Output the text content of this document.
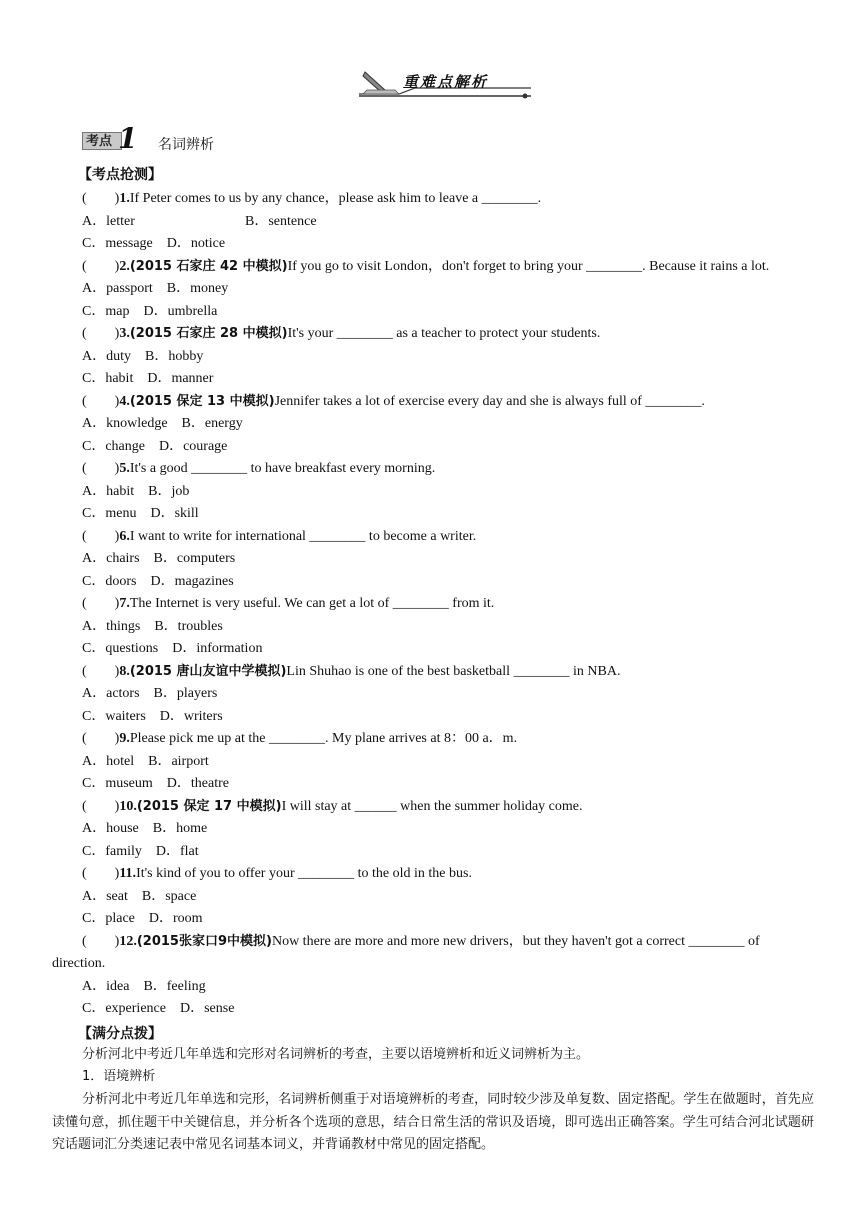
重难点解析
考点 1 名词辨析
【考点抢测】
(　　)1.If Peter comes to us by any chance，please ask him to leave a ________.
A．letter	B．sentence
C．message D．notice
(　　)2.(2015 石家庄 42 中模拟)If you go to visit London，don't forget to bring your ________. Because it rains a lot.
A．passport B．money
C．map D．umbrella
(　　)3.(2015 石家庄 28 中模拟)It's your ________ as a teacher to protect your students.
A．duty B．hobby
C．habit D．manner
(　　)4.(2015 保定 13 中模拟)Jennifer takes a lot of exercise every day and she is always full of ________.
A．knowledge B．energy
C．change D．courage
(　　)5.It's a good ________ to have breakfast every morning.
A．habit B．job
C．menu D．skill
(　　)6.I want to write for international ________ to become a writer.
A．chairs B．computers
C．doors D．magazines
(　　)7.The Internet is very useful. We can get a lot of ________ from it.
A．things B．troubles
C．questions D．information
(　　)8.(2015 唐山友谊中学模拟)Lin Shuhao is one of the best basketball ________ in NBA.
A．actors B．players
C．waiters D．writers
(　　)9.Please pick me up at the ________. My plane arrives at 8：00 a．m.
A．hotel B．airport
C．museum D．theatre
(　　)10.(2015 保定 17 中模拟)I will stay at ______ when the summer holiday come.
A．house B．home
C．family D．flat
(　　)11.It's kind of you to offer your ________ to the old in the bus.
A．seat B．space
C．place D．room
(　　)12.(2015张家口9中模拟)Now there are more and more new drivers，but they haven't got a correct ________ of
direction.
A．idea B．feeling
C．experience D．sense
【满分点拨】
分析河北中考近几年单选和完形对名词辨析的考查，主要以语境辨析和近义词辨析为主。
1．语境辨析
分析河北中考近几年单选和完形，名词辨析侧重于对语境辨析的考查，同时较少涉及单复数、固定搭配。学生在做题时，首先应读懂句意，抓住题干中关键信息，并分析各个选项的意思，结合日常生活的常识及语境，即可选出正确答案。学生可结合河北试题研究话题词汇分类速记表中常见名词基本词义，并背诵教材中常见的固定搭配。
